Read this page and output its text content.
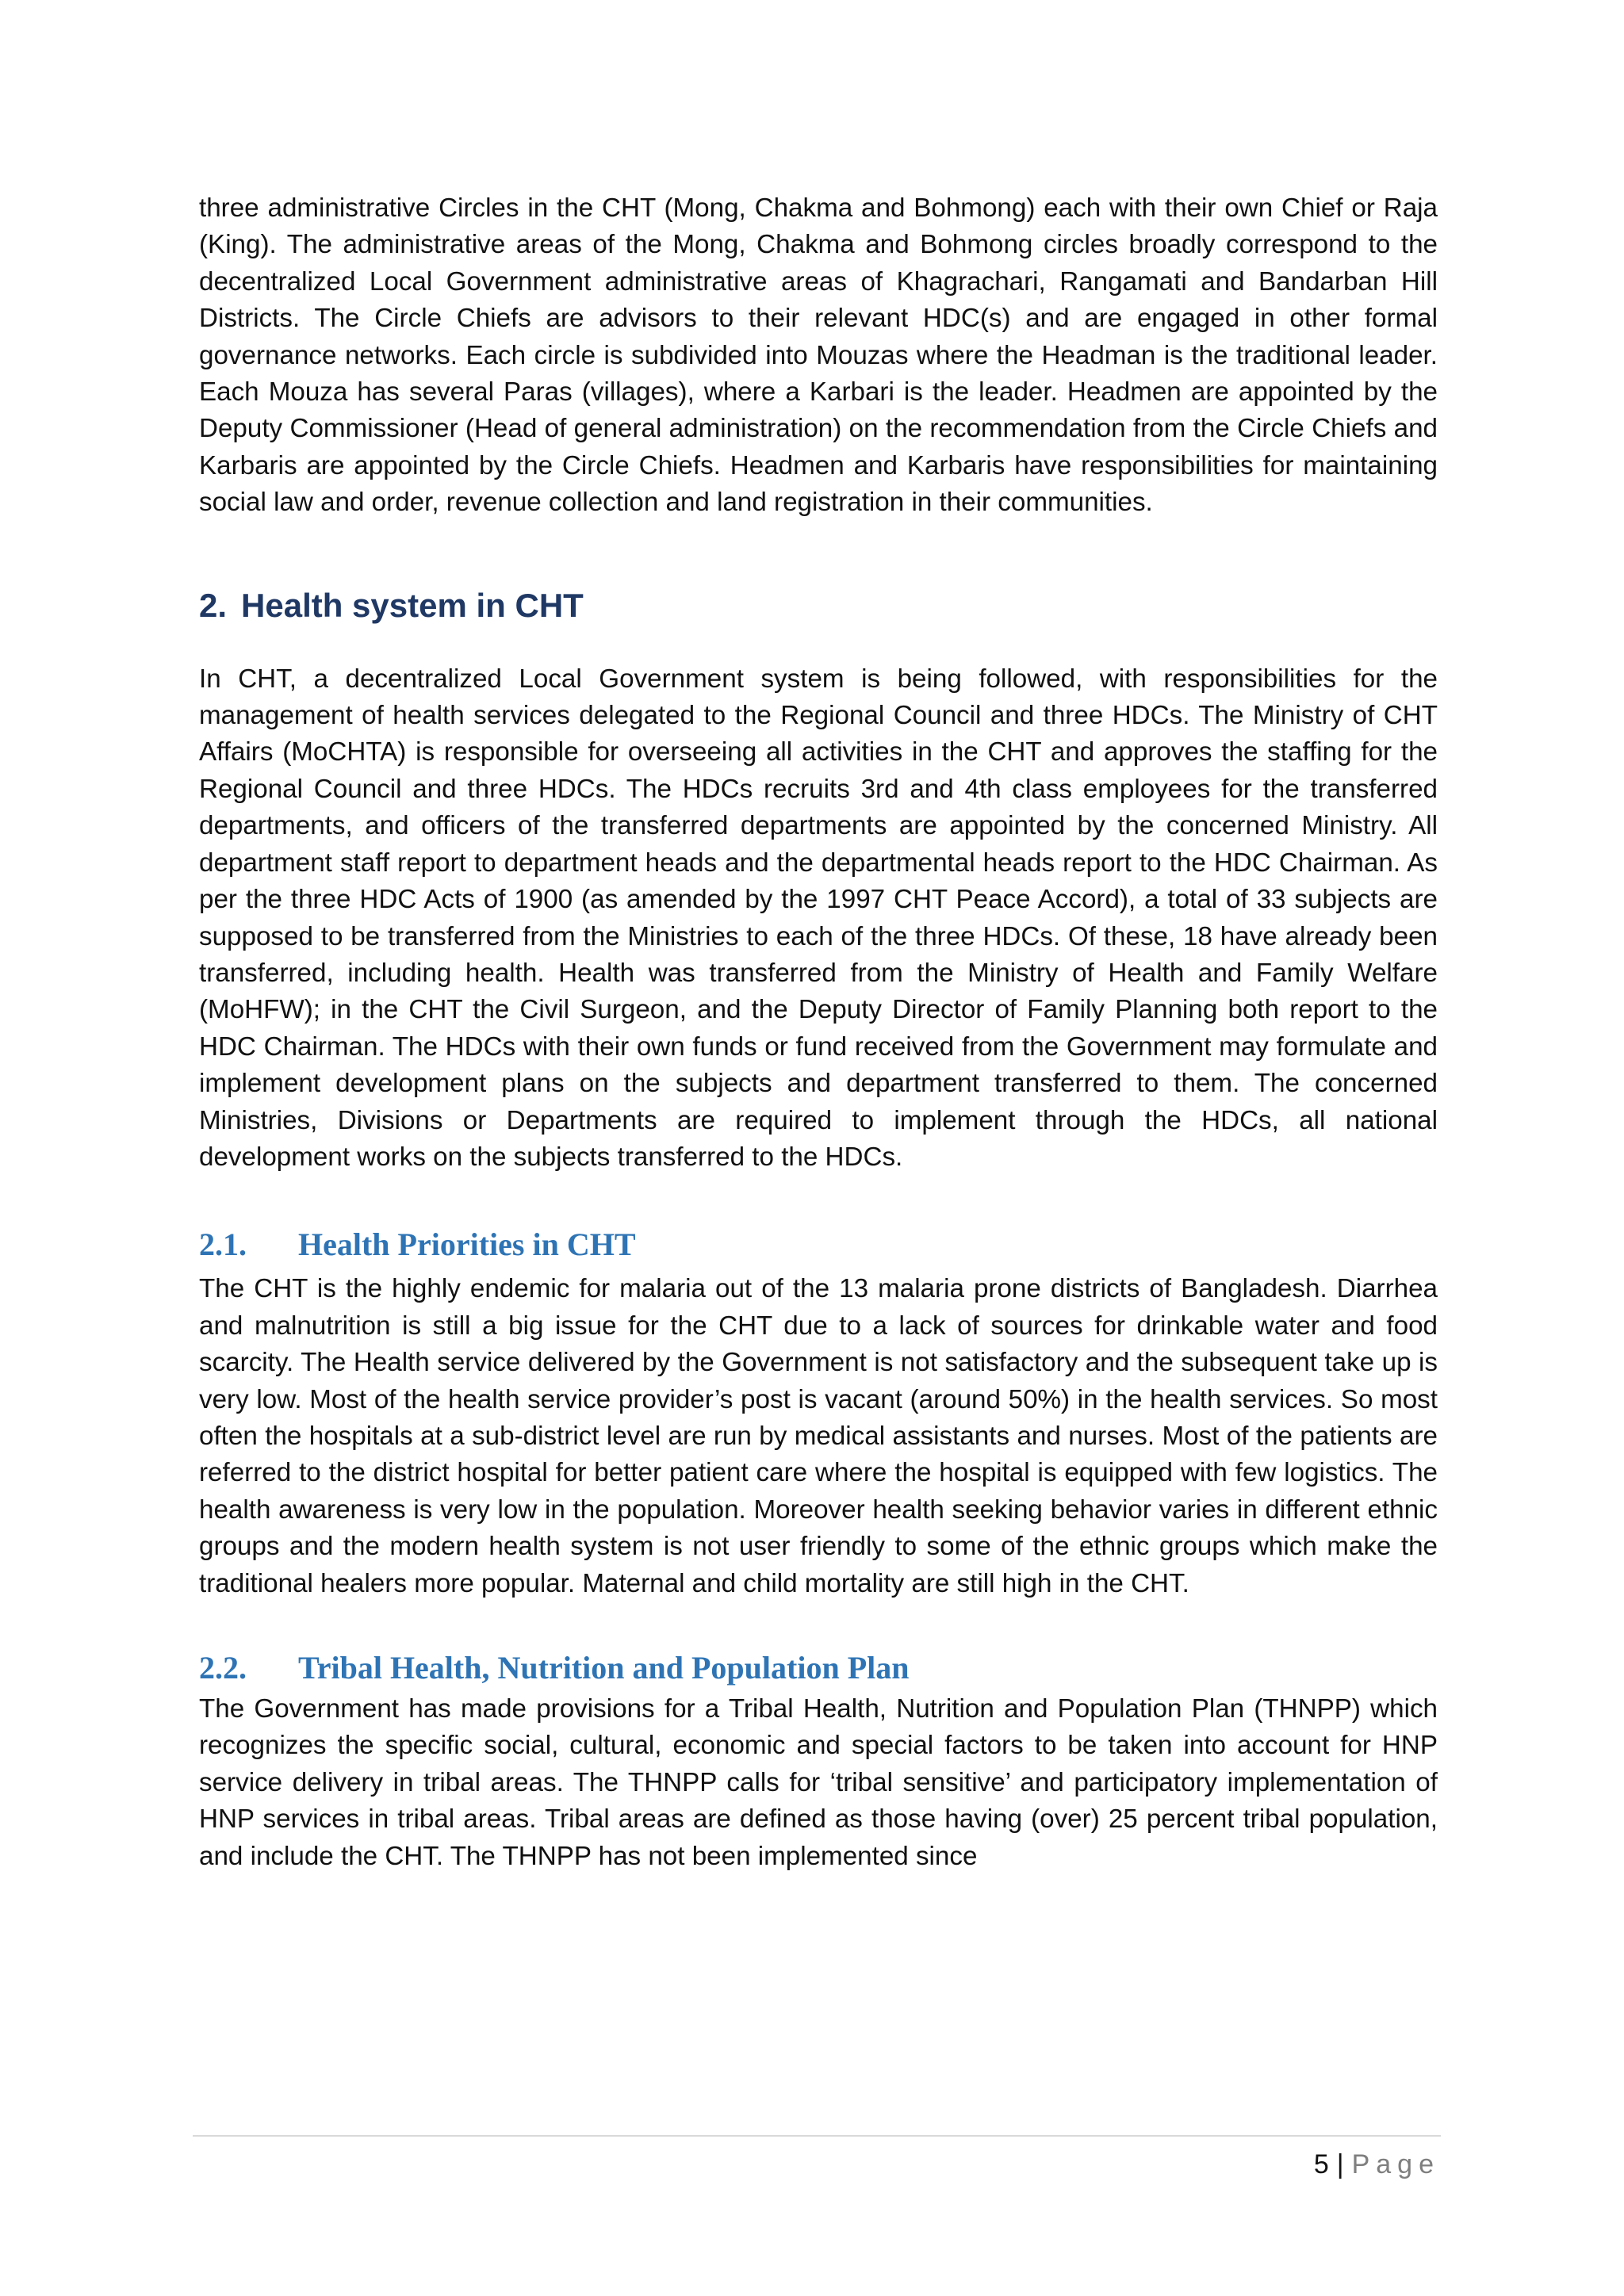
three administrative Circles in the CHT (Mong, Chakma and Bohmong) each with their own Chief or Raja (King). The administrative areas of the Mong, Chakma and Bohmong circles broadly correspond to the decentralized Local Government administrative areas of Khagrachari, Rangamati and Bandarban Hill Districts. The Circle Chiefs are advisors to their relevant HDC(s) and are engaged in other formal governance networks. Each circle is subdivided into Mouzas where the Headman is the traditional leader. Each Mouza has several Paras (villages), where a Karbari is the leader. Headmen are appointed by the Deputy Commissioner (Head of general administration) on the recommendation from the Circle Chiefs and Karbaris are appointed by the Circle Chiefs. Headmen and Karbaris have responsibilities for maintaining social law and order, revenue collection and land registration in their communities.

2. Health system in CHT

In CHT, a decentralized Local Government system is being followed, with responsibilities for the management of health services delegated to the Regional Council and three HDCs. The Ministry of CHT Affairs (MoCHTA) is responsible for overseeing all activities in the CHT and approves the staffing for the Regional Council and three HDCs. The HDCs recruits 3rd and 4th class employees for the transferred departments, and officers of the transferred departments are appointed by the concerned Ministry. All department staff report to department heads and the departmental heads report to the HDC Chairman. As per the three HDC Acts of 1900 (as amended by the 1997 CHT Peace Accord), a total of 33 subjects are supposed to be transferred from the Ministries to each of the three HDCs. Of these, 18 have already been transferred, including health. Health was transferred from the Ministry of Health and Family Welfare (MoHFW); in the CHT the Civil Surgeon, and the Deputy Director of Family Planning both report to the HDC Chairman. The HDCs with their own funds or fund received from the Government may formulate and implement development plans on the subjects and department transferred to them. The concerned Ministries, Divisions or Departments are required to implement through the HDCs, all national development works on the subjects transferred to the HDCs.

2.1. Health Priorities in CHT

The CHT is the highly endemic for malaria out of the 13 malaria prone districts of Bangladesh. Diarrhea and malnutrition is still a big issue for the CHT due to a lack of sources for drinkable water and food scarcity. The Health service delivered by the Government is not satisfactory and the subsequent take up is very low. Most of the health service provider’s post is vacant (around 50%) in the health services. So most often the hospitals at a sub-district level are run by medical assistants and nurses. Most of the patients are referred to the district hospital for better patient care where the hospital is equipped with few logistics. The health awareness is very low in the population. Moreover health seeking behavior varies in different ethnic groups and the modern health system is not user friendly to some of the ethnic groups which make the traditional healers more popular. Maternal and child mortality are still high in the CHT.

2.2. Tribal Health, Nutrition and Population Plan

The Government has made provisions for a Tribal Health, Nutrition and Population Plan (THNPP) which recognizes the specific social, cultural, economic and special factors to be taken into account for HNP service delivery in tribal areas. The THNPP calls for ‘tribal sensitive’ and participatory implementation of HNP services in tribal areas. Tribal areas are defined as those having (over) 25 percent tribal population, and include the CHT. The THNPP has not been implemented since

5 | Page
